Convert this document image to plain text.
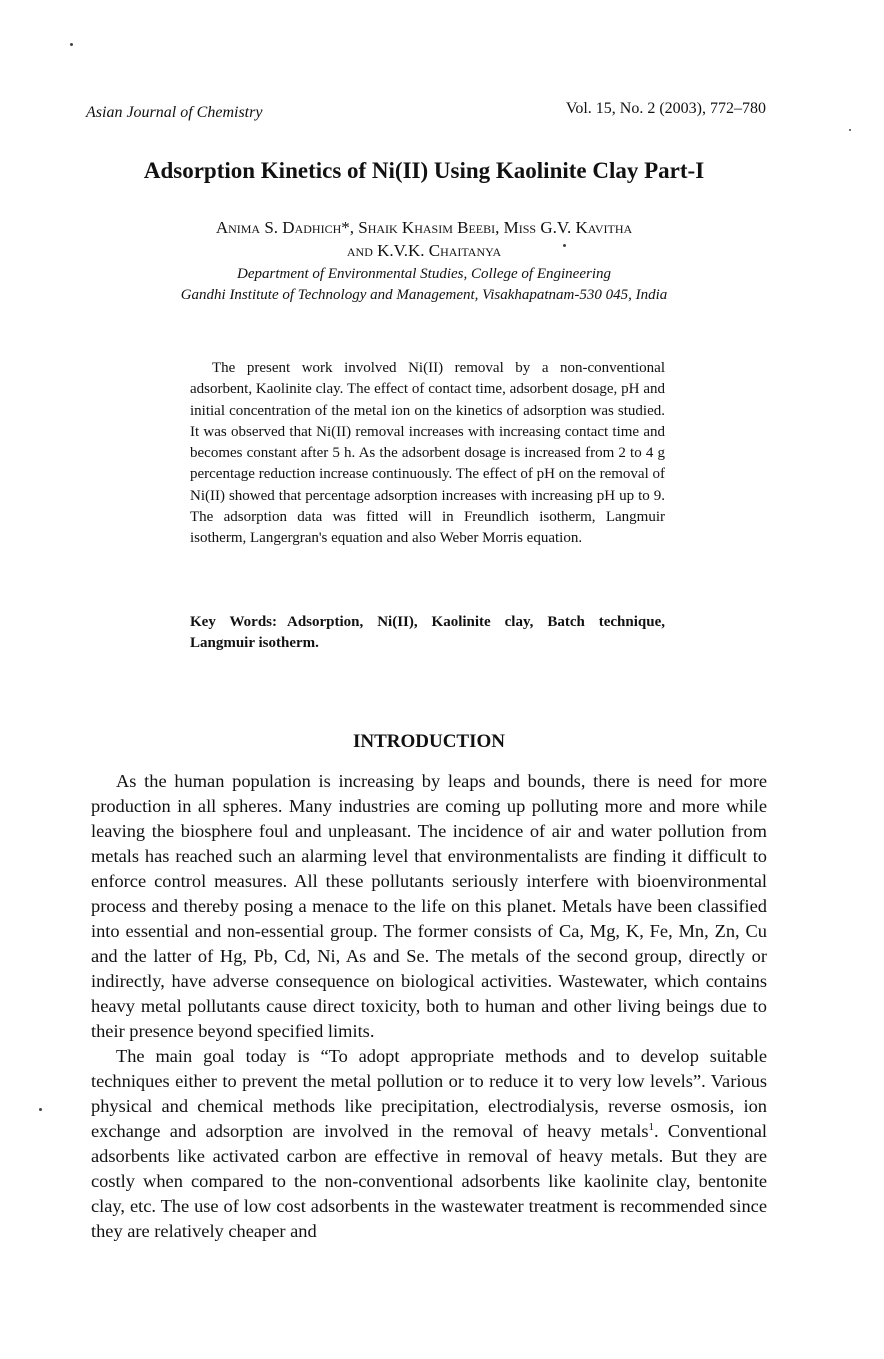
Asian Journal of Chemistry	Vol. 15, No. 2 (2003), 772–780
Adsorption Kinetics of Ni(II) Using Kaolinite Clay Part-I
Anima S. Dadhich*, Shaik Khasim Beebi, Miss G.V. Kavitha
and K.V.K. Chaitanya
Department of Environmental Studies, College of Engineering
Gandhi Institute of Technology and Management, Visakhapatnam-530 045, India

The present work involved Ni(II) removal by a non-conventional adsorbent, Kaolinite clay. The effect of contact time, adsorbent dosage, pH and initial concentration of the metal ion on the kinetics of adsorption was studied. It was observed that Ni(II) removal increases with increasing contact time and becomes constant after 5 h. As the adsorbent dosage is increased from 2 to 4 g percentage reduction increase continuously. The effect of pH on the removal of Ni(II) showed that percentage adsorption increases with increasing pH up to 9. The adsorption data was fitted will in Freundlich isotherm, Langmuir isotherm, Langergran's equation and also Weber Morris equation.

Key Words: Adsorption, Ni(II), Kaolinite clay, Batch technique, Langmuir isotherm.

INTRODUCTION

As the human population is increasing by leaps and bounds, there is need for more production in all spheres. Many industries are coming up polluting more and more while leaving the biosphere foul and unpleasant. The incidence of air and water pollution from metals has reached such an alarming level that environmentalists are finding it difficult to enforce control measures. All these pollutants seriously interfere with bioenvironmental process and thereby posing a menace to the life on this planet. Metals have been classified into essential and non-essential group. The former consists of Ca, Mg, K, Fe, Mn, Zn, Cu and the latter of Hg, Pb, Cd, Ni, As and Se. The metals of the second group, directly or indirectly, have adverse consequence on biological activities. Wastewater, which contains heavy metal pollutants cause direct toxicity, both to human and other living beings due to their presence beyond specified limits.

The main goal today is “To adopt appropriate methods and to develop suitable techniques either to prevent the metal pollution or to reduce it to very low levels”. Various physical and chemical methods like precipitation, electrodialysis, reverse osmosis, ion exchange and adsorption are involved in the removal of heavy metals$^1$. Conventional adsorbents like activated carbon are effective in removal of heavy metals. But they are costly when compared to the non-conventional adsorbents like kaolinite clay, bentonite clay, etc. The use of low cost adsorbents in the wastewater treatment is recommended since they are relatively cheaper and
